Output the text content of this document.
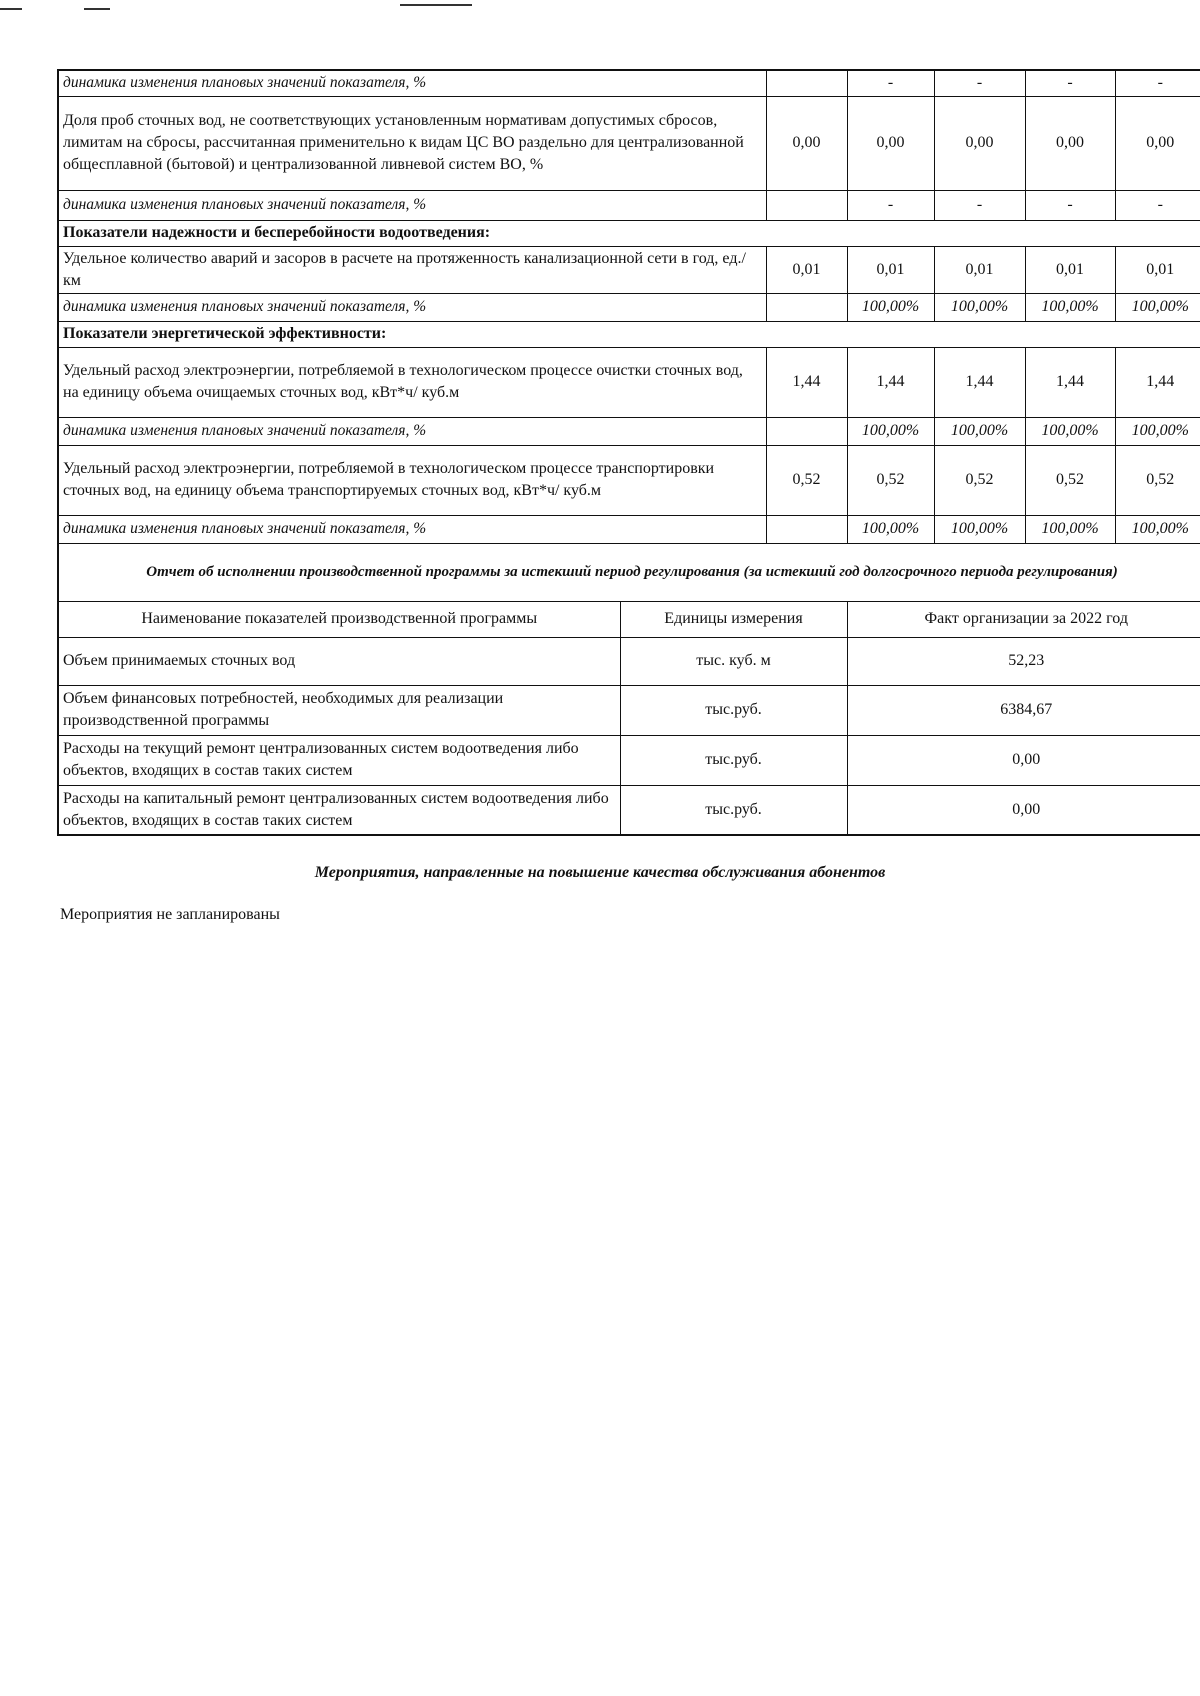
динамика изменения плановых значений показателя, %			-	-	-	-
Доля проб сточных вод, не соответствующих установленным нормативам допустимых сбросов, лимитам на сбросы, рассчитанная применительно к видам ЦС ВО раздельно для централизованной общесплавной (бытовой) и централизованной ливневой систем ВО, %		0,00	0,00	0,00	0,00	0,00
динамика изменения плановых значений показателя, %			-	-	-	-
Показатели надежности и бесперебойности водоотведения:						
Удельное количество аварий и засоров в расчете на протяженность канализационной сети в год, ед./км		0,01	0,01	0,01	0,01	0,01
динамика изменения плановых значений показателя, %			100,00%	100,00%	100,00%	100,00%
Показатели энергетической эффективности:						
Удельный расход электроэнергии, потребляемой в технологическом процессе очистки сточных вод, на единицу объема очищаемых сточных вод, кВт*ч/ куб.м		1,44	1,44	1,44	1,44	1,44
динамика изменения плановых значений показателя, %			100,00%	100,00%	100,00%	100,00%
Удельный расход электроэнергии, потребляемой в технологическом процессе транспортировки сточных вод, на единицу объема транспортируемых сточных вод, кВт*ч/ куб.м		0,52	0,52	0,52	0,52	0,52
динамика изменения плановых значений показателя, %			100,00%	100,00%	100,00%	100,00%
Отчет об исполнении производственной программы за истекший период регулирования (за истекший год долгосрочного периода регулирования)						
Наименование показателей производственной программы	Единицы измерения		Факт организации за 2022 год			
Объем принимаемых сточных вод	тыс. куб. м		52,23			
Объем финансовых потребностей, необходимых для реализации производственной программы	тыс.руб.		6384,67			
Расходы на текущий ремонт централизованных систем водоотведения либо объектов, входящих в состав таких систем	тыс.руб.		0,00			
Расходы на капитальный ремонт централизованных систем водоотведения либо объектов, входящих в состав таких систем	тыс.руб.		0,00			
Мероприятия, направленные на повышение качества обслуживания абонентов
Мероприятия не запланированы
